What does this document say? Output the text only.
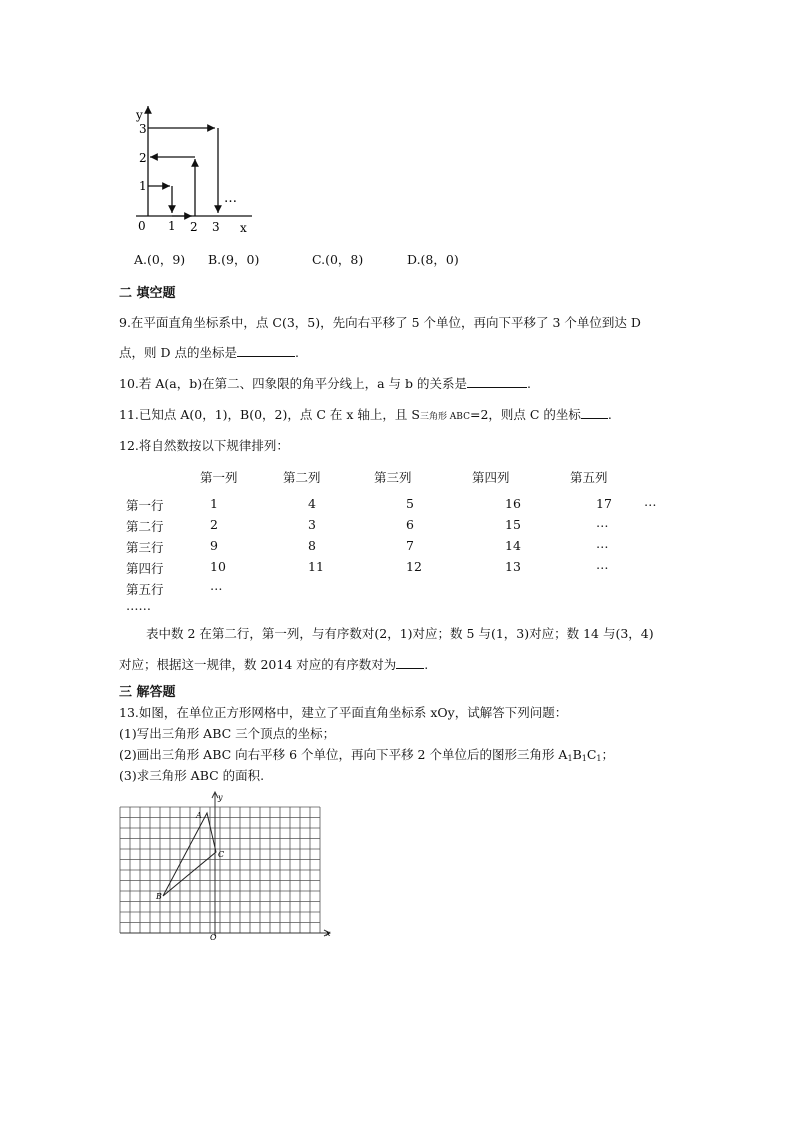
y
x
0 1 2 3
1
2
3
…
A.(0，9) B.(9，0)	C.(0，8)	D.(8，0)
二 填空题
9.在平面直角坐标系中，点 C(3，5)，先向右平移了 5 个单位，再向下平移了 3 个单位到达 D
点，则 D 点的坐标是	.
10.若 A(a，b)在第二、四象限的角平分线上，a 与 b 的关系是	.
11.已知点 A(0，1)，B(0，2)，点 C 在 x 轴上，且 S三角形 ABC=2，则点 C 的坐标 .
12.将自然数按以下规律排列：
第一列	第二列	第三列	第四列	第五列
第一行	1	4	5	16	17	…
第二行	2	3	6	15	…
第三行	9	8	7	14	…
第四行	10	11	12	13	…
第五行	…
……
表中数 2 在第二行，第一列，与有序数对(2，1)对应；数 5 与(1，3)对应；数 14 与(3，4)
对应；根据这一规律，数 2014 对应的有序数对为 .
三 解答题
13.如图，在单位正方形网格中，建立了平面直角坐标系 xOy，试解答下列问题：
(1)写出三角形 ABC 三个顶点的坐标；
(2)画出三角形 ABC 向右平移 6 个单位，再向下平移 2 个单位后的图形三角形 $A_1B_1C_1$；
(3)求三角形 ABC 的面积.
A
B
C
O	x
y
